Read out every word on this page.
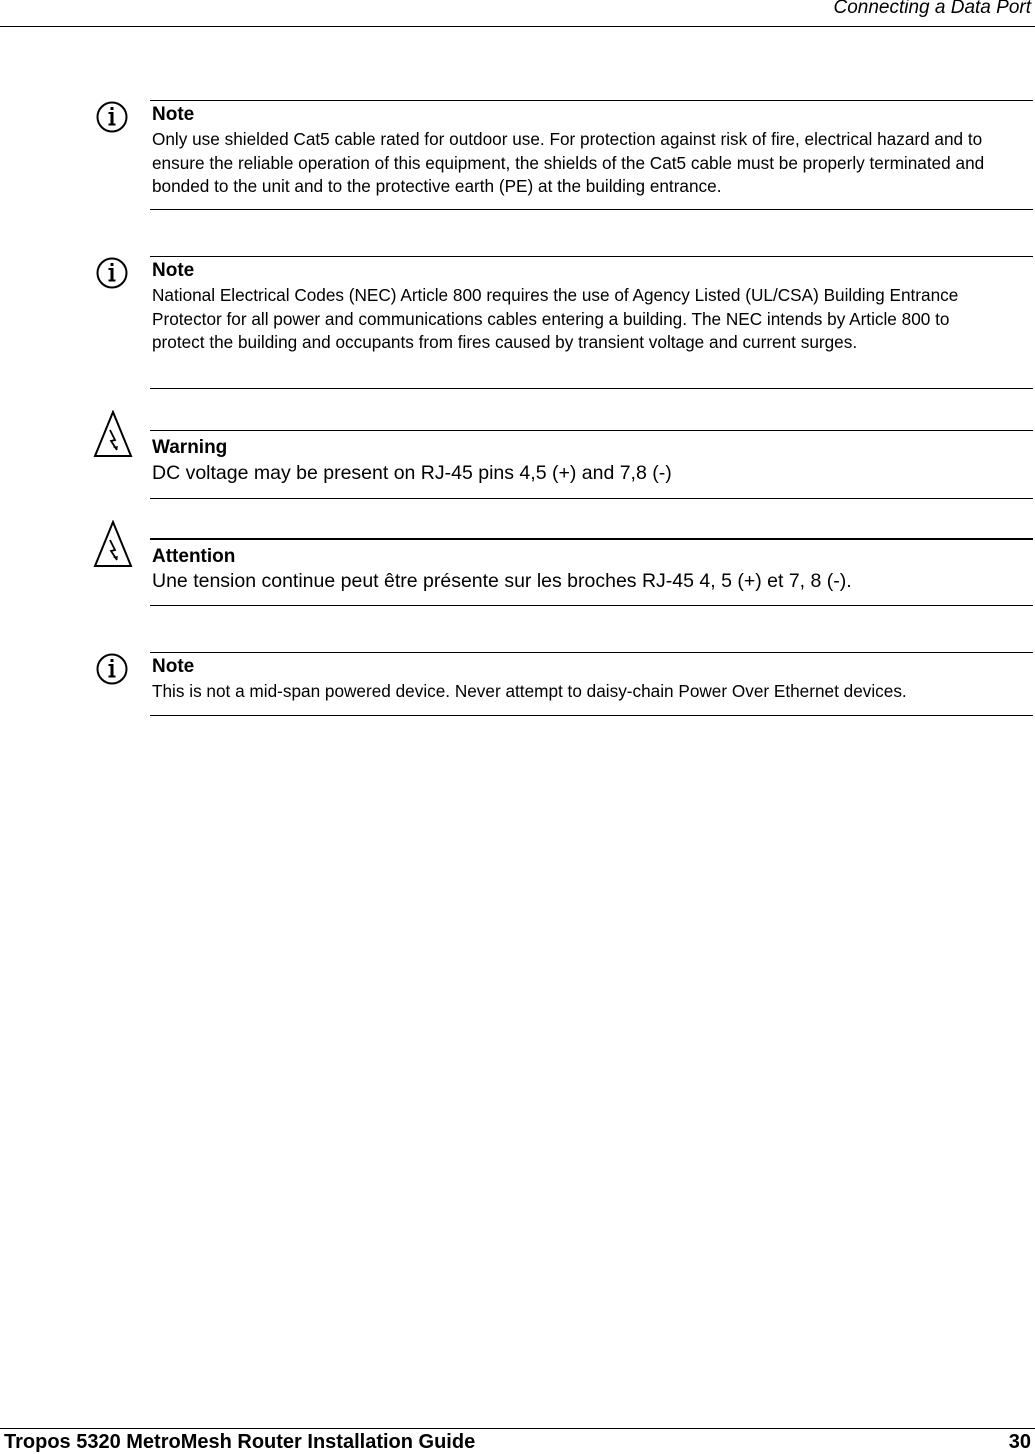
Connecting a Data Port
Note
Only use shielded Cat5 cable rated for outdoor use. For protection against risk of fire, electrical hazard and to ensure the reliable operation of this equipment, the shields of the Cat5 cable must be properly terminated and bonded to the unit and to the protective earth (PE) at the building entrance.
Note
National Electrical Codes (NEC) Article 800 requires the use of Agency Listed (UL/CSA) Building Entrance Protector for all power and communications cables entering a building. The NEC intends by Article 800 to protect the building and occupants from fires caused by transient voltage and current surges.
Warning
DC voltage may be present on RJ-45 pins 4,5 (+) and 7,8 (-)
Attention
Une tension continue peut être présente sur les broches RJ-45 4, 5 (+) et 7, 8 (-).
Note
This is not a mid-span powered device. Never attempt to daisy-chain Power Over Ethernet devices.
Tropos 5320 MetroMesh Router Installation Guide	30
